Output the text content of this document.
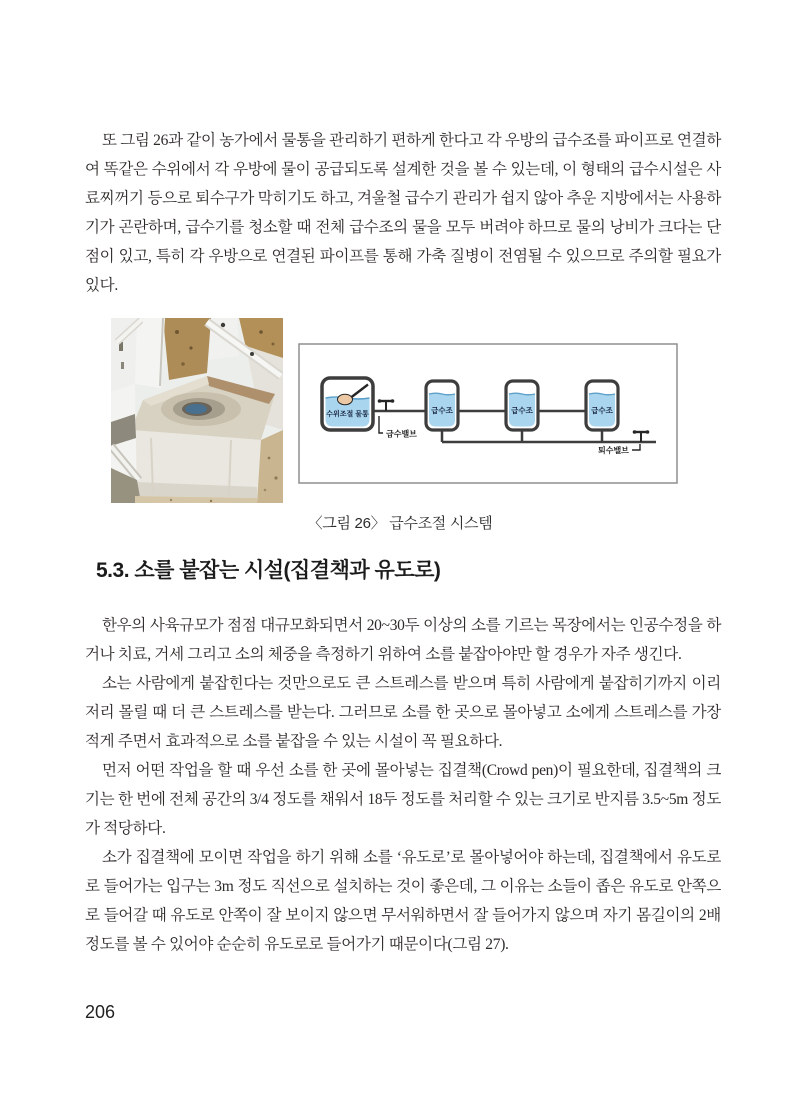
또 그림 26과 같이 농가에서 물통을 관리하기 편하게 한다고 각 우방의 급수조를 파이프로 연결하여 똑같은 수위에서 각 우방에 물이 공급되도록 설계한 것을 볼 수 있는데, 이 형태의 급수시설은 사료찌꺼기 등으로 퇴수구가 막히기도 하고, 겨울철 급수기 관리가 쉽지 않아 추운 지방에서는 사용하기가 곤란하며, 급수기를 청소할 때 전체 급수조의 물을 모두 버려야 하므로 물의 낭비가 크다는 단점이 있고, 특히 각 우방으로 연결된 파이프를 통해 가축 질병이 전염될 수 있으므로 주의할 필요가 있다.

수위조절 물통
급수밸브
급수조	급수조	급수조
퇴수밸브
〈그림 26〉 급수조절 시스템
5.3. 소를 붙잡는 시설(집결책과 유도로)

한우의 사육규모가 점점 대규모화되면서 20~30두 이상의 소를 기르는 목장에서는 인공수정을 하거나 치료, 거세 그리고 소의 체중을 측정하기 위하여 소를 붙잡아야만 할 경우가 자주 생긴다.

소는 사람에게 붙잡힌다는 것만으로도 큰 스트레스를 받으며 특히 사람에게 붙잡히기까지 이리저리 몰릴 때 더 큰 스트레스를 받는다. 그러므로 소를 한 곳으로 몰아넣고 소에게 스트레스를 가장 적게 주면서 효과적으로 소를 붙잡을 수 있는 시설이 꼭 필요하다.

먼저 어떤 작업을 할 때 우선 소를 한 곳에 몰아넣는 집결책(Crowd pen)이 필요한데, 집결책의 크기는 한 번에 전체 공간의 3/4 정도를 채워서 18두 정도를 처리할 수 있는 크기로 반지름 3.5~5m 정도가 적당하다.

소가 집결책에 모이면 작업을 하기 위해 소를 ‘유도로’로 몰아넣어야 하는데, 집결책에서 유도로로 들어가는 입구는 3m 정도 직선으로 설치하는 것이 좋은데, 그 이유는 소들이 좁은 유도로 안쪽으로 들어갈 때 유도로 안쪽이 잘 보이지 않으면 무서워하면서 잘 들어가지 않으며 자기 몸길이의 2배 정도를 볼 수 있어야 순순히 유도로로 들어가기 때문이다(그림 27).

206
